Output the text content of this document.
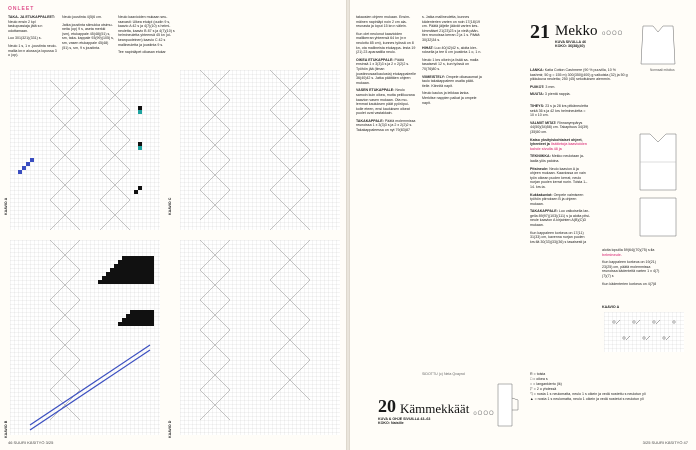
ONLEET

TAKA- JA ETUKAPPALEET: Neulo ensin 2 kpl taskupussiaja jätä s:n odottamaan.

Luo 301(321)(331) s.

Neulo 1 s, 1 n -joustinta neulo- mallia kn:n alussa ja lopussa 3 o (op).

Neulo joustinta 4(5)6 cm.

Jatka joustinta silmukka otsimu- neita (op) 9 s, aseta merkki (sm), etukappale 45(48)(51) s, sm, taka- kappale 93(99)(105) s, sm, vasen etukappale 45(48)(51) s, sm, 9 s joustinta.

Neulo kaavioiden mukaan seu- raavasti: Ulkea etukpl (oudin 9 s, kaavio A 42 s ja 4(7)(10) s helmi- neuletta, kaavio B 87 s ja 4(7)(10) s helmineuletta yhteensä 45 kn (oi- keanpuoleinen) kaavio C 42 s mallineuletta ja joustinta 9 s.

Tee napinläpet olkasan etukar

KAAVIO A
KAAVIO B
KAAVIO C
KAAVIO D
46 SUURI KÄSITYÖ 3/25

takaosien ohjeen mukaan. Ensim- mäinen napinläpi noin 2 cm ala- reunasta ja loput 15 kn:n välein.

Kun olet neulonut kaavioiden mallikerran yhteensä 64 kn (n:n neulottu 85 cm), kunnes työssä on 8 kn, ota mallineista etukappa- lesta 19 (21) 23 aparaatilla neulo.

OIKEA ETUKAPPALE: Päätä ensinsä 1 x 3(3)3 s ja 2 x 2(2)2 s. Työhön jää (ilman joustinnosaa/kaulusta) etukappaleelle 36(40)42 s. Jatka päättäen ohjeen mukaan.

VASEN ETUKAPPALE: Neulo samoin kuin oikea, mutta peilikuvana kaavion vasen mukaan. Ota mo- lemmat kauluksen päät pyöröpui- kolle eteen, ensi kauluksen oikeat puolet ovat vastakkain.

TAKAKAPPALE: Päätä molemmissa reunoissa 1 x 3(3)3 s ja 2 x 2(2)2 s. Takakappaleessa on nyt 79(83)87

s. Jatka mallineuletta, kunnes kädenterien varten on noin 17(18)19 cm. Päätä jäljelle jäävät varten kes- kimmäiset 21(23)23 s ja vielä pään- tien reunoissa kerran 2 ja 1 s. Päätä 30(32)34 s.

HIHAT: Luo 40(42)42 s, aloita kier- roksella ja tee 6 cm joustinta 1 o, 1 n.

Neulo 1 krs oikein ja lisää sa- maila tasaisesti 12 s, kun työssä on 70(76)80 s.

VIIMEISTELY: Ompele olkasaumat ja taulo takakappaleen osalta päät- tielle. Kiinnitä napit.

Neulo kaulus ja leikkaa lanka. Merkitse nappien paikat ja ompele napit.

SIDOTTU (c) Nela Qvaynd
20 Kämmekkäät oOOO
KUVA & OHJE SIVUILLA 43–63
KOKO: Naisille
21 Mekko oOOO
KUVA SIVULLA 46
KOKO: 36(38)(40)

LANKA: Katia Cotton Cashmere (90 % puuvilla, 10 % kashmir, 50 g = 155 m) 300(350)(400) g valkoista (32) ja 50 g pikkukuva neuletta; 250 (45) sekoituksen aiemmin.

PUIKOT: 3 mm.

MUUTA: 3 pientä nappia.

TIHEYS: 23 s ja 28 krs pitkäneuletta sekä 36 s ja 42 krs helmineuletta = 10 x 10 cm.

VALMIIT MITAT: Rinnanympärys 44(50)(54)58) cm. Takapituus 34(39)(35)50 cm.

Katso yksityiskohtaiset ohjeet, lyhenteet ja lisätietoja kaavioiden kohde sivulla 48 ja

TEKNIIKKA: Mekko neulotaan ja- laalla ylös paloina.

Pitsineule: Neulo kaavion A ja ohjeen mukaan. Kaaviossa on vain työn oikean puolen kerrat, neulo nurjan puolen kerrat nurin. Toista 1–14. krs:ia.

Kukkakuviot: Ompele valmiseen työhön piirroksen B ja ohjeen mukaan.

TAKAKAPPALE: Luo valkoisella lan- gella 89(97)(103)(111) s ja aloita pitsi- neule kaavion A kirjainten A(B)(C)D mukaan.

Kun kappaleen korkeus on 17(11) 31(33) cm, kavenna nurjan puolen krs:llä 30(33)(33)(36) s tasaisesti ja

aloita lopuilla 59(64)(70)(75) s:lla helmineule.

Kun kappaleen korkeus on 19(21) 23(25) cm, päätä molemmissa reunoissa kädenteitä varten 1 x 4(7)(7)(7) s

Kun kädenterien korkeus on 4(7)8

Normaali mitoitus
KAAVIO A
R = toista
□ = oikea s
○ = langankierto (lk)
◸ = 2 o yhdessä
◹ = nosta 1 s neulomatta, neulo 1 s oikein ja vedä nostettu s neulotun yli
▲ = nosta 1 s neulomatta, neulo 1 oikein ja vedä nostetut s neulotun yli
3/25 SUURI KÄSITYÖ 47
